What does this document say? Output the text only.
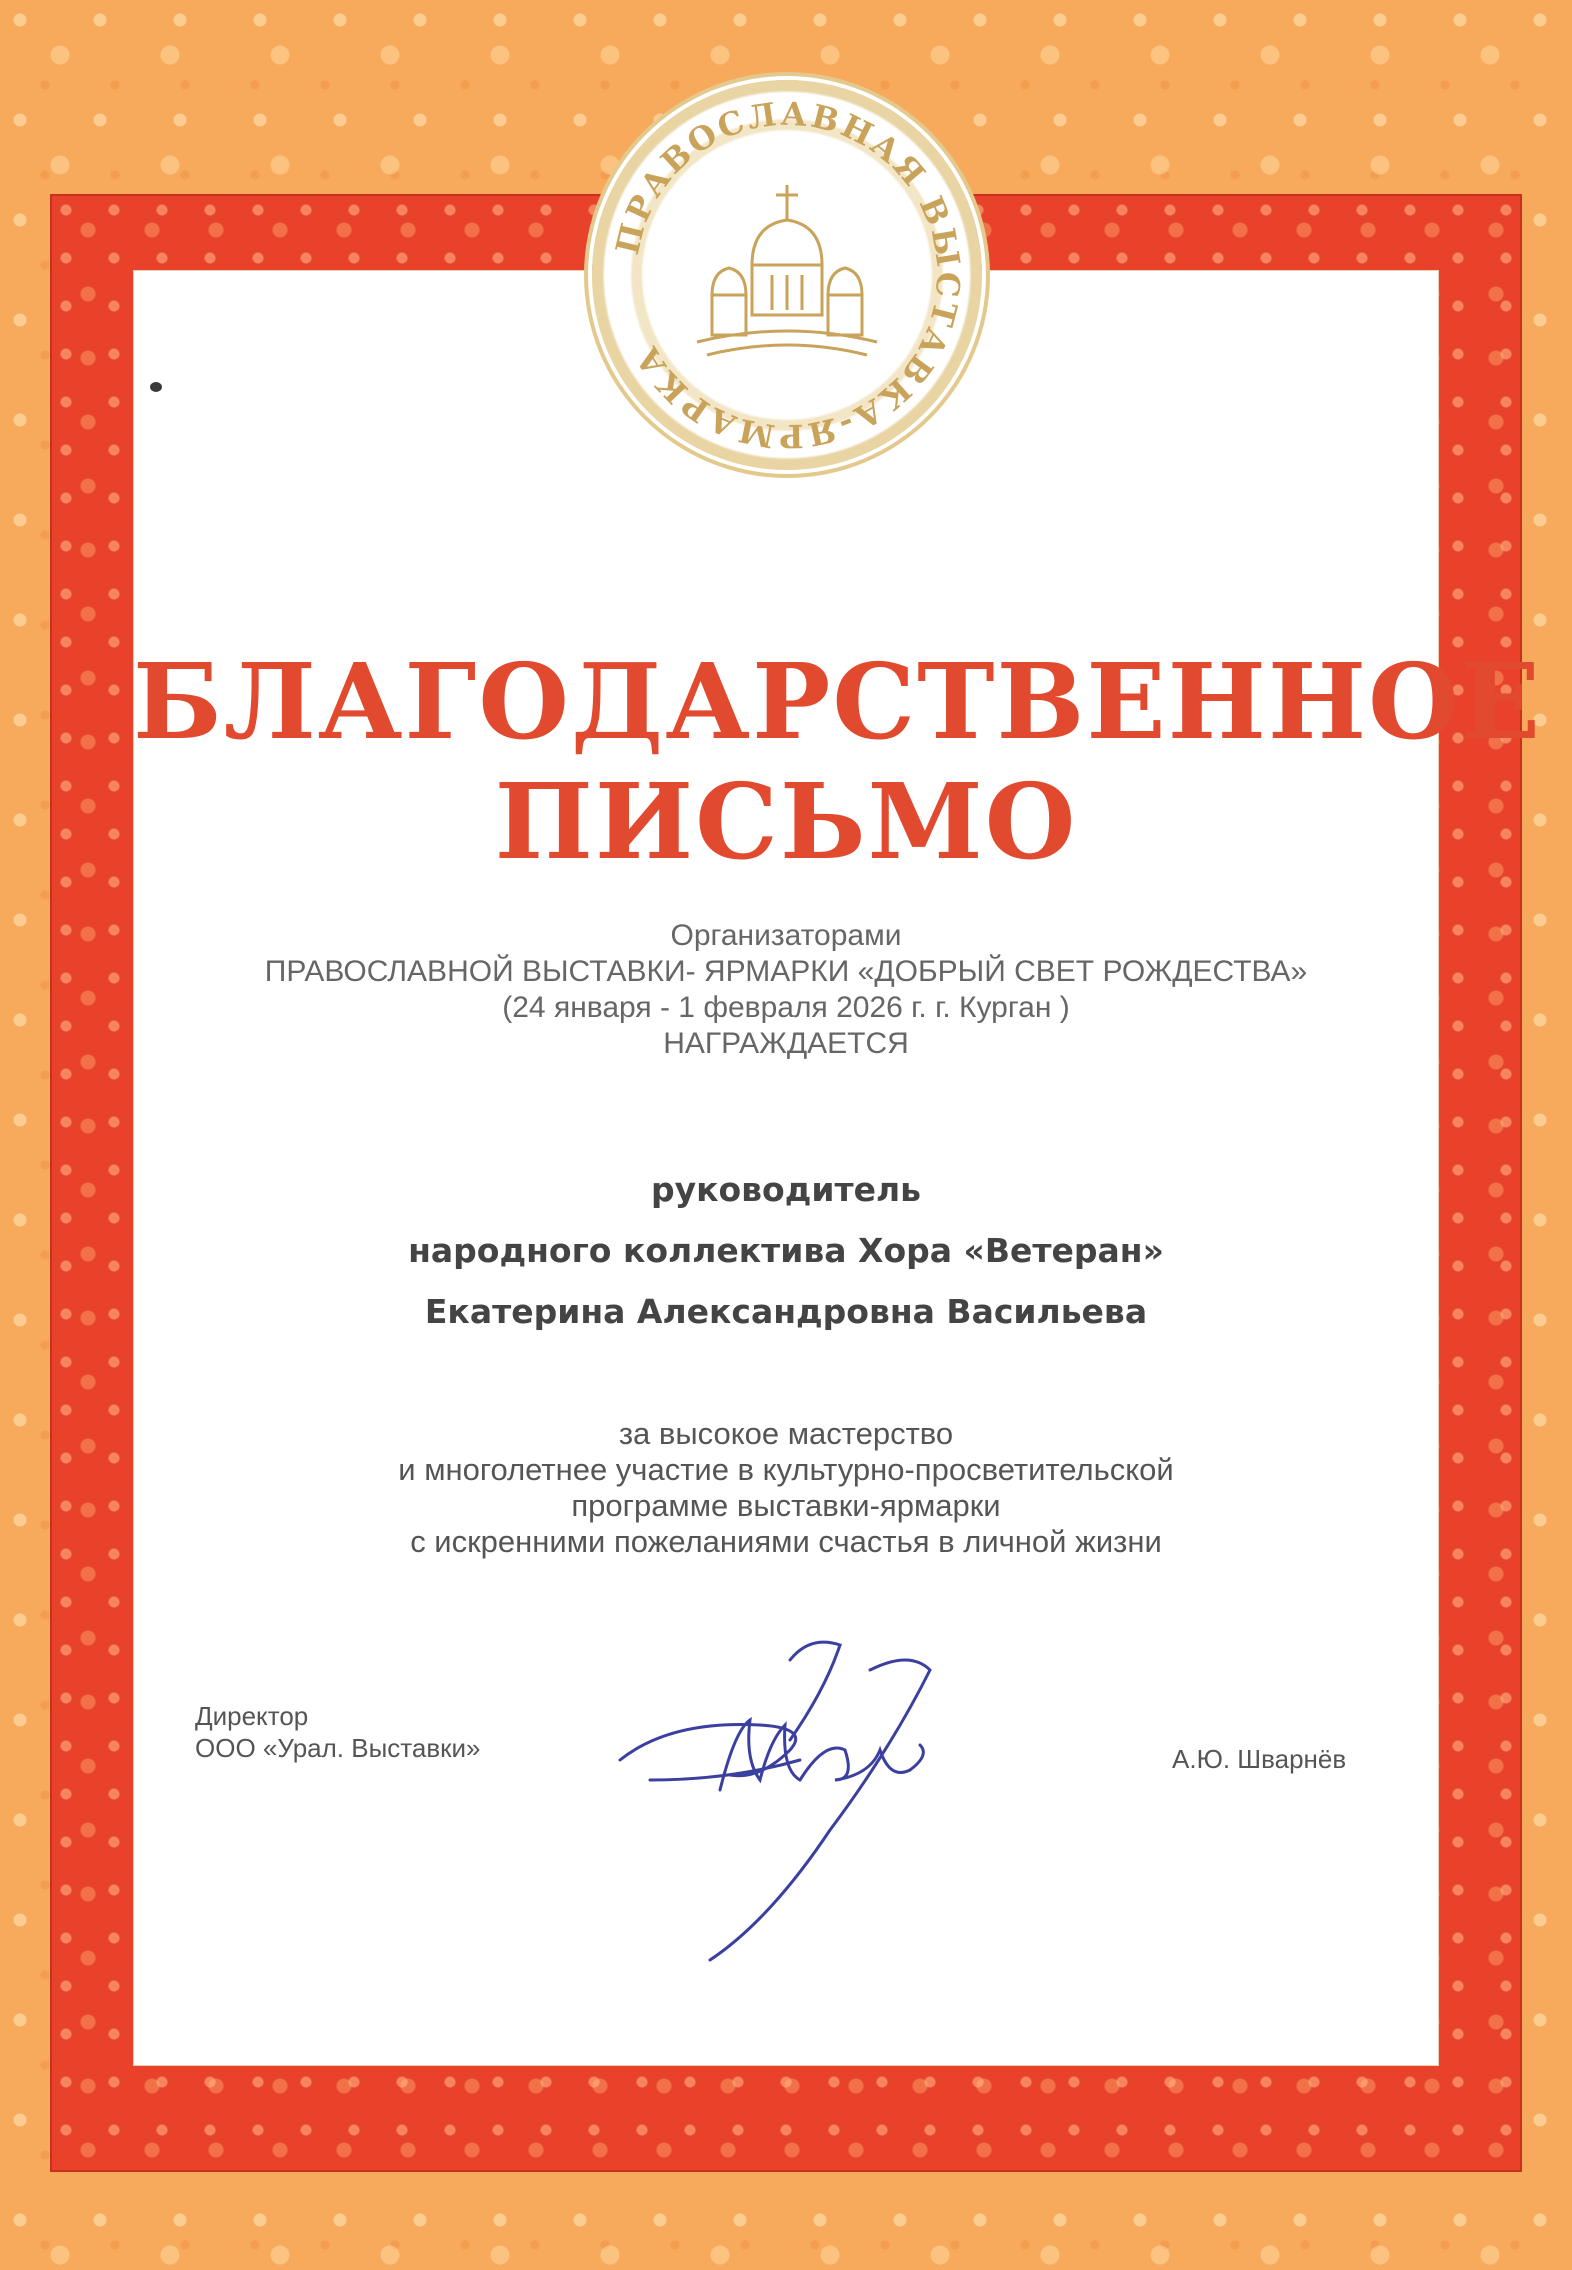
ПРАВОСЛАВНАЯ ВЫСТАВКА-ЯРМАРКА
БЛАГОДАРСТВЕННОЕ
ПИСЬМО
Организаторами
ПРАВОСЛАВНОЙ ВЫСТАВКИ- ЯРМАРКИ «ДОБРЫЙ СВЕТ РОЖДЕСТВА»
(24 января - 1 февраля 2026 г. г. Курган )
НАГРАЖДАЕТСЯ
руководитель
народного коллектива Хора «Ветеран»
Екатерина Александровна Васильева
за высокое мастерство
и многолетнее участие в культурно-просветительской
программе выставки-ярмарки
с искренними пожеланиями счастья в личной жизни
Директор
ООО «Урал. Выставки»	А.Ю. Шварнёв
